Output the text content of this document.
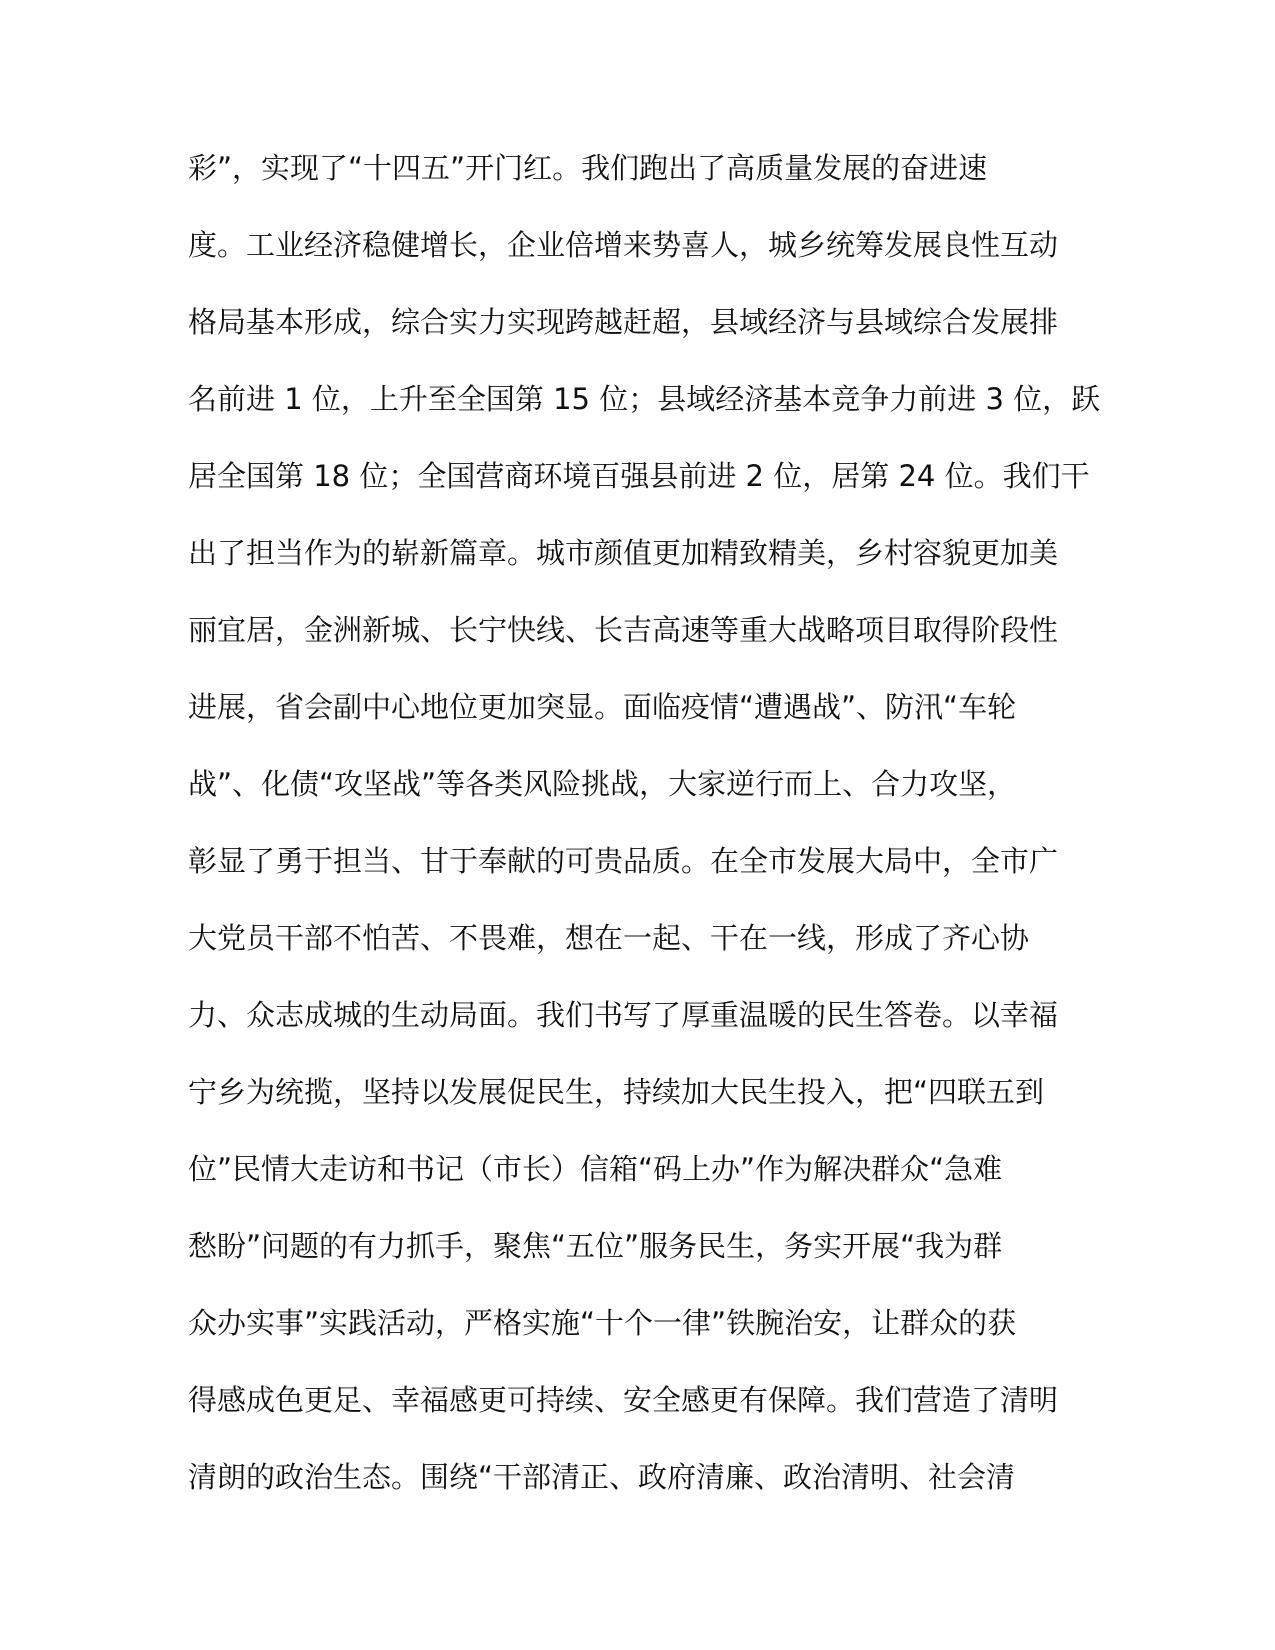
彩”，实现了“十四五”开门红。我们跑出了高质量发展的奋进速
度。工业经济稳健增长，企业倍增来势喜人，城乡统筹发展良性互动
格局基本形成，综合实力实现跨越赶超，县域经济与县域综合发展排
名前进 1 位，上升至全国第 15 位；县域经济基本竞争力前进 3 位，跃
居全国第 18 位；全国营商环境百强县前进 2 位，居第 24 位。我们干
出了担当作为的崭新篇章。城市颜值更加精致精美，乡村容貌更加美
丽宜居，金洲新城、长宁快线、长吉高速等重大战略项目取得阶段性
进展，省会副中心地位更加突显。面临疫情“遭遇战”、防汛“车轮
战”、化债“攻坚战”等各类风险挑战，大家逆行而上、合力攻坚，
彰显了勇于担当、甘于奉献的可贵品质。在全市发展大局中，全市广
大党员干部不怕苦、不畏难，想在一起、干在一线，形成了齐心协
力、众志成城的生动局面。我们书写了厚重温暖的民生答卷。以幸福
宁乡为统揽，坚持以发展促民生，持续加大民生投入，把“四联五到
位”民情大走访和书记（市长）信箱“码上办”作为解决群众“急难
愁盼”问题的有力抓手，聚焦“五位”服务民生，务实开展“我为群
众办实事”实践活动，严格实施“十个一律”铁腕治安，让群众的获
得感成色更足、幸福感更可持续、安全感更有保障。我们营造了清明
清朗的政治生态。围绕“干部清正、政府清廉、政治清明、社会清
